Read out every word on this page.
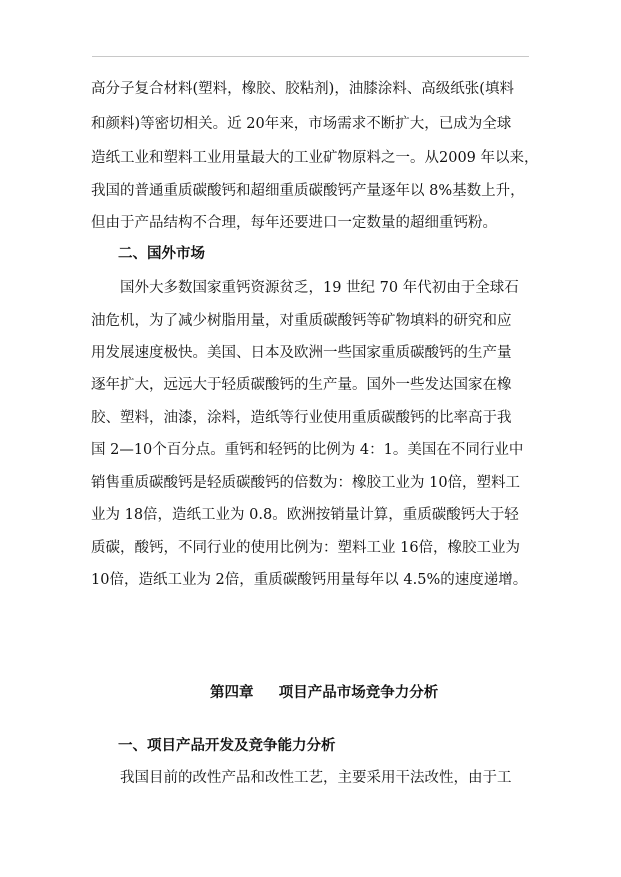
高分子复合材料(塑料，橡胶、胶粘剂)，油膝涂料、高级纸张(填料
和颜料)等密切相关。近 20年来，市场需求不断扩大，已成为全球
造纸工业和塑料工业用量最大的工业矿物原料之一。从2009 年以来，
我国的普通重质碳酸钙和超细重质碳酸钙产量逐年以 8%基数上升，
但由于产品结构不合理，每年还要进口一定数量的超细重钙粉。
二、国外市场
国外大多数国家重钙资源贫乏，19 世纪 70 年代初由于全球石
油危机，为了减少树脂用量，对重质碳酸钙等矿物填料的研究和应
用发展速度极快。美国、日本及欧洲一些国家重质碳酸钙的生产量
逐年扩大，远远大于轻质碳酸钙的生产量。国外一些发达国家在橡
胶、塑料，油漆，涂料，造纸等行业使用重质碳酸钙的比率高于我
国 2—10个百分点。重钙和轻钙的比例为 4：1。美国在不同行业中
销售重质碳酸钙是轻质碳酸钙的倍数为：橡胶工业为 10倍，塑料工
业为 18倍，造纸工业为 0.8。欧洲按销量计算，重质碳酸钙大于轻
质碳，酸钙，不同行业的使用比例为：塑料工业 16倍，橡胶工业为
10倍，造纸工业为 2倍，重质碳酸钙用量每年以 4.5%的速度递增。
第四章     项目产品市场竞争力分析
一、项目产品开发及竞争能力分析
我国目前的改性产品和改性工艺，主要采用干法改性，由于工
